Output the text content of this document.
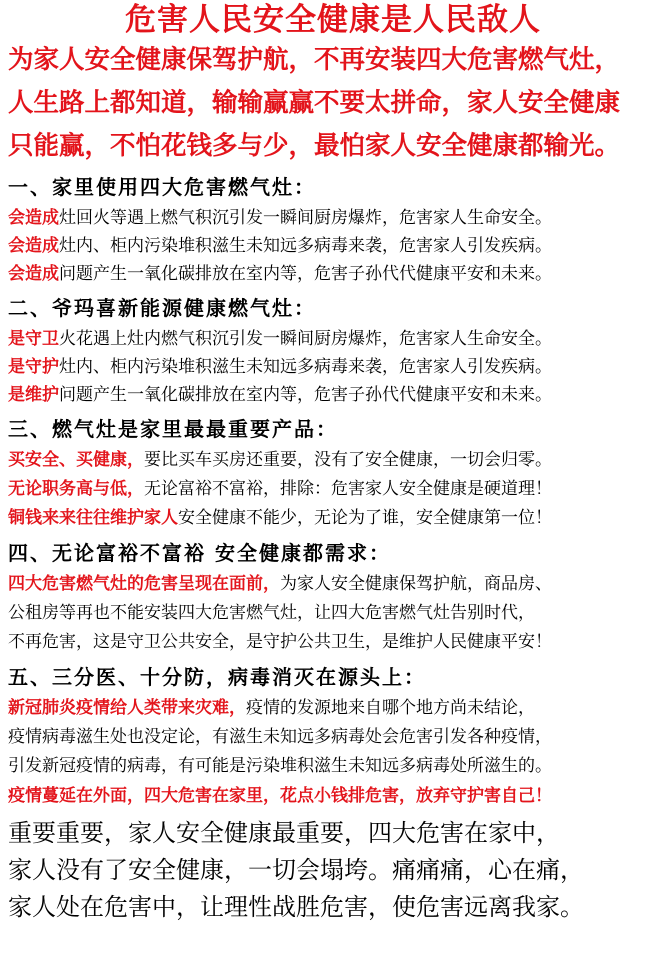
危害人民安全健康是人民敌人
为家人安全健康保驾护航，不再安装四大危害燃气灶，
人生路上都知道，输输赢赢不要太拼命，家人安全健康
只能赢，不怕花钱多与少，最怕家人安全健康都输光。
一、家里使用四大危害燃气灶：
会造成灶回火等遇上燃气积沉引发一瞬间厨房爆炸，危害家人生命安全。
会造成灶内、柜内污染堆积滋生未知远多病毒来袭，危害家人引发疾病。
会造成问题产生一氧化碳排放在室内等，危害子孙代代健康平安和未来。
二、爷玛喜新能源健康燃气灶：
是守卫火花遇上灶内燃气积沉引发一瞬间厨房爆炸，危害家人生命安全。
是守护灶内、柜内污染堆积滋生未知远多病毒来袭，危害家人引发疾病。
是维护问题产生一氧化碳排放在室内等，危害子孙代代健康平安和未来。
三、燃气灶是家里最最重要产品：
买安全、买健康，要比买车买房还重要，没有了安全健康，一切会归零。
无论职务高与低，无论富裕不富裕，排除：危害家人安全健康是硬道理！
铜钱来来往往维护家人安全健康不能少，无论为了谁，安全健康第一位！
四、无论富裕不富裕 安全健康都需求：
四大危害燃气灶的危害呈现在面前，为家人安全健康保驾护航，商品房、
公租房等再也不能安装四大危害燃气灶，让四大危害燃气灶告别时代，
不再危害，这是守卫公共安全，是守护公共卫生，是维护人民健康平安！
五、三分医、十分防，病毒消灭在源头上：
新冠肺炎疫情给人类带来灾难，疫情的发源地来自哪个地方尚未结论，
疫情病毒滋生处也没定论，有滋生未知远多病毒处会危害引发各种疫情，
引发新冠疫情的病毒，有可能是污染堆积滋生未知远多病毒处所滋生的。
疫情蔓延在外面，四大危害在家里，花点小钱排危害，放弃守护害自己！
重要重要，家人安全健康最重要，四大危害在家中，
家人没有了安全健康，一切会塌垮。痛痛痛，心在痛，
家人处在危害中，让理性战胜危害，使危害远离我家。
